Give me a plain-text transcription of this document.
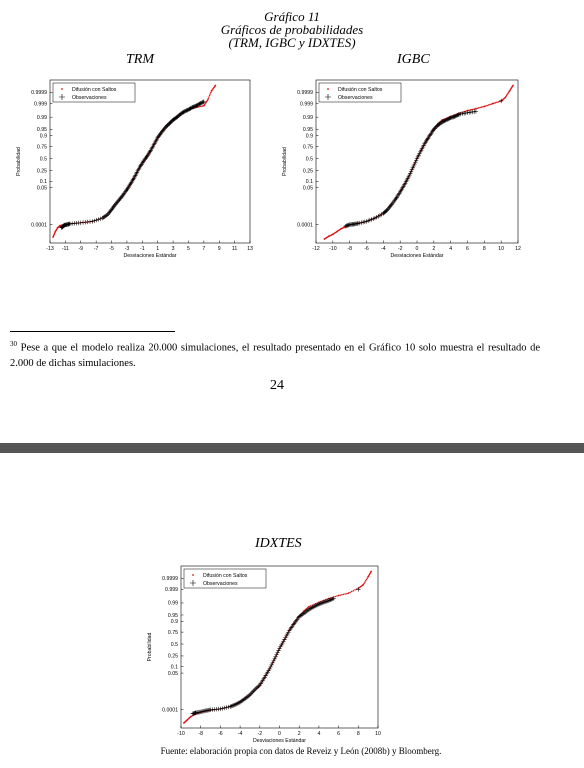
Gráfico 11
Gráficos de probabilidades
(TRM, IGBC y IDXTES)
TRM	IGBC
IDXTES
-13 -11 -9 -7 -5 -3 -1 1 3 5 7 9 11 13
0.0001
0.05
0.1
0.25
0.5
0.75
0.9
0.95
0.99
0.999
0.9999
Desviaciones Estándar
Probabilidad
Difusión con Saltos
Observaciones
-12 -10 -8 -6 -4 -2	0	2	4	6	8 10 12
0.0001
0.05
0.1
0.25
0.5
0.75
0.9
0.95
0.99
0.999
0.9999
Desviaciones Estándar
Probabilidad
Difusión con Saltos
Observaciones
-10	-8	-6	-4	-2	0	2	4	6	8	10
0.0001
0.05
0.1
0.25
0.5
0.75
0.9
0.95
0.99
0.999
0.9999
Desviaciones Estándar
Probabilidad
Difusión con Saltos
Observaciones
$^{30}$ Pese a que el modelo realiza 20.000 simulaciones, el resultado presentado en el Gráfico 10 solo muestra el resultado de 2.000 de dichas simulaciones.
24
Fuente: elaboración propia con datos de Reveiz y León (2008b) y Bloomberg.
